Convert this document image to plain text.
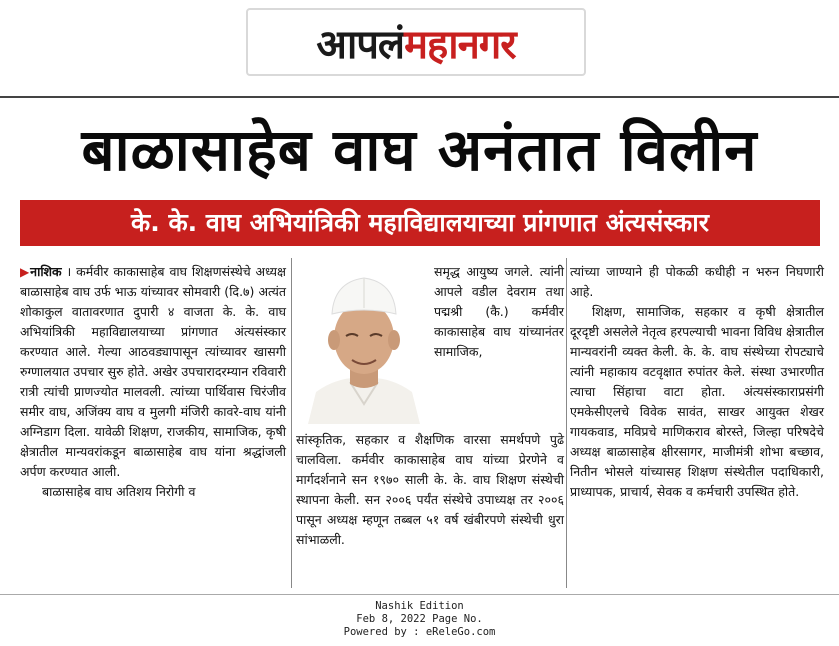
आपलं महानगर
बाळासाहेब वाघ अनंतात विलीन
के. के. वाघ अभियांत्रिकी महाविद्यालयाच्या प्रांगणात अंत्यसंस्कार

▶नाशिक । कर्मवीर काकासाहेब वाघ शिक्षणसंस्थेचे अध्यक्ष बाळासाहेब वाघ उर्फ भाऊ यांच्यावर सोमवारी (दि.७) अत्यंत शोकाकुल वातावरणात दुपारी ४ वाजता के. के. वाघ अभियांत्रिकी महाविद्यालयाच्या प्रांगणात अंत्यसंस्कार करण्यात आले. गेल्या आठवड्यापासून त्यांच्यावर खासगी रुग्णालयात उपचार सुरु होते. अखेर उपचारादरम्यान रविवारी रात्री त्यांची प्राणज्योत मालवली. त्यांच्या पार्थिवास चिरंजीव समीर वाघ, अजिंक्य वाघ व मुलगी मंजिरी कावरे-वाघ यांनी अग्निडाग दिला. यावेळी शिक्षण, राजकीय, सामाजिक, कृषी क्षेत्रातील मान्यवरांकडून बाळासाहेब वाघ यांना श्रद्धांजली अर्पण करण्यात आली.

बाळासाहेब वाघ अतिशय निरोगी व

समृद्ध आयुष्य जगले. त्यांनी आपले वडील देवराम तथा पद्मश्री (कै.) कर्मवीर काकासाहेब वाघ यांच्यानंतर सामाजिक,
सांस्कृतिक, सहकार व शैक्षणिक वारसा समर्थपणे पुढे चालविला. कर्मवीर काकासाहेब वाघ यांच्या प्रेरणेने व मार्गदर्शनाने सन १९७० साली के. के. वाघ शिक्षण संस्थेची स्थापना केली. सन २००६ पर्यंत संस्थेचे उपाध्यक्ष तर २००६ पासून अध्यक्ष म्हणून तब्बल ५१ वर्ष खंबीरपणे संस्थेची धुरा सांभाळली.

त्यांच्या जाण्याने ही पोकळी कधीही न भरुन निघणारी आहे.

शिक्षण, सामाजिक, सहकार व कृषी क्षेत्रातील दूरदृष्टी असलेले नेतृत्व हरपल्याची भावना विविध क्षेत्रातील मान्यवरांनी व्यक्त केली. के. के. वाघ संस्थेच्या रोपट्याचे त्यांनी महाकाय वटवृक्षात रुपांतर केले. संस्था उभारणीत त्याचा सिंहाचा वाटा होता. अंत्यसंस्काराप्रसंगी एमकेसीएलचे विवेक सावंत, साखर आयुक्त शेखर गायकवाड, मविप्रचे माणिकराव बोरस्ते, जिल्हा परिषदेचे अध्यक्ष बाळासाहेब क्षीरसागर, माजीमंत्री शोभा बच्छाव, नितीन भोसले यांच्यासह शिक्षण संस्थेतील पदाधिकारी, प्राध्यापक, प्राचार्य, सेवक व कर्मचारी उपस्थित होते.

Nashik Edition
Feb 8, 2022 Page No.
Powered by : eReleGo.com
